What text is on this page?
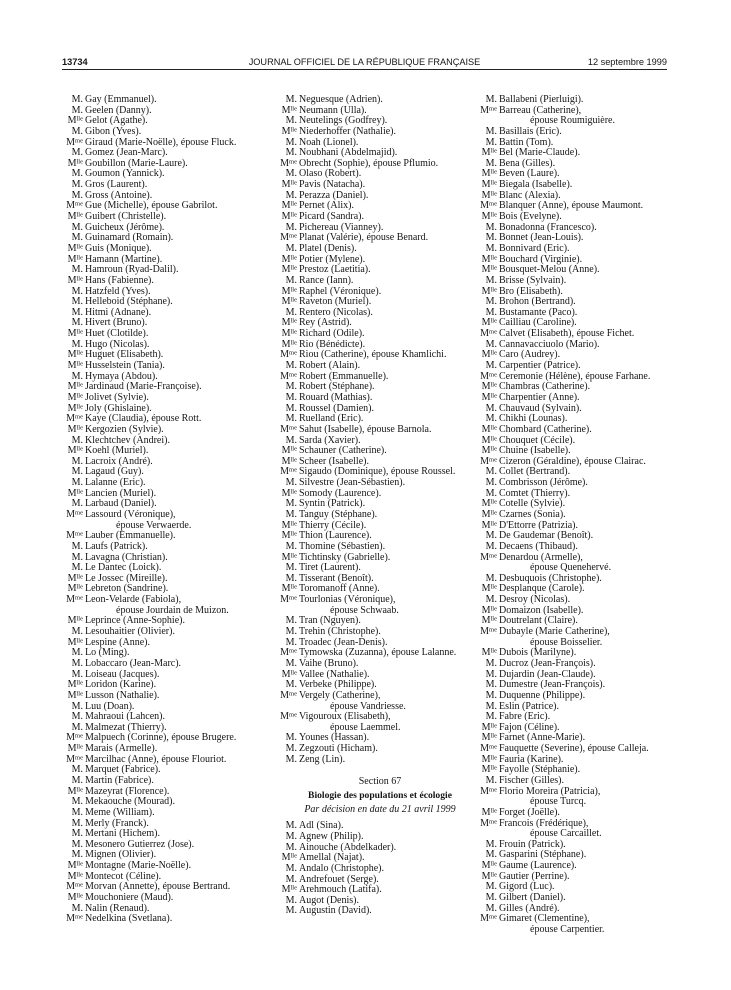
JOURNAL OFFICIEL DE LA RÉPUBLIQUE FRANÇAISE
13734	12 septembre 1999
M. Gay (Emmanuel).
M. Geelen (Danny).
$M^{lle}$ Gelot (Agathe).
M. Gibon (Yves).
$M^{me}$ Giraud (Marie-Noëlle), épouse Fluck.
M. Gomez (Jean-Marc).
$M^{lle}$ Goubillon (Marie-Laure).
M. Goumon (Yannick).
M. Gros (Laurent).
M. Gross (Antoine).
$M^{me}$ Gue (Michelle), épouse Gabrilot.
$M^{lle}$ Guibert (Christelle).
M. Guicheux (Jérôme).
M. Guinamard (Romain).
$M^{lle}$ Guis (Monique).
$M^{lle}$ Hamann (Martine).
M. Hamroun (Ryad-Dalil).
$M^{lle}$ Hans (Fabienne).
M. Hatzfeld (Yves).
M. Helleboid (Stéphane).
M. Hitmi (Adnane).
M. Hivert (Bruno).
$M^{lle}$ Huet (Clotilde).
M. Hugo (Nicolas).
$M^{lle}$ Huguet (Elisabeth).
$M^{lle}$ Husselstein (Tania).
M. Hymaya (Abdou).
$M^{lle}$ Jardinaud (Marie-Françoise).
$M^{lle}$ Jolivet (Sylvie).
$M^{lle}$ Joly (Ghislaine).
$M^{me}$ Kaye (Claudia), épouse Rott.
$M^{lle}$ Kergozien (Sylvie).
M. Klechtchev (Andrei).
$M^{lle}$ Koehl (Muriel).
M. Lacroix (André).
M. Lagaud (Guy).
M. Lalanne (Eric).
$M^{lle}$ Lancien (Muriel).
M. Larbaud (Daniel).
$M^{me}$ Lassourd (Véronique),
épouse Verwaerde.
$M^{me}$ Lauber (Emmanuelle).
M. Laufs (Patrick).
M. Lavagna (Christian).
M. Le Dantec (Loick).
$M^{lle}$ Le Jossec (Mireille).
$M^{lle}$ Lebreton (Sandrine).
$M^{me}$ Leon-Velarde (Fabiola),
épouse Jourdain de Muizon.
$M^{lle}$ Leprince (Anne-Sophie).
M. Lesouhaitier (Olivier).
$M^{lle}$ Lespine (Anne).
M. Lo (Ming).
M. Lobaccaro (Jean-Marc).
M. Loiseau (Jacques).
$M^{lle}$ Loridon (Karine).
$M^{lle}$ Lusson (Nathalie).
M. Luu (Doan).
M. Mahraoui (Lahcen).
M. Malmezat (Thierry).
$M^{me}$ Malpuech (Corinne), épouse Brugere.
$M^{lle}$ Marais (Armelle).
$M^{me}$ Marcilhac (Anne), épouse Flouriot.
M. Marquet (Fabrice).
M. Martin (Fabrice).
$M^{lle}$ Mazeyrat (Florence).
M. Mekaouche (Mourad).
M. Meme (William).
M. Merly (Franck).
M. Mertani (Hichem).
M. Mesonero Gutierrez (Jose).
M. Mignen (Olivier).
$M^{lle}$ Montagne (Marie-Noëlle).
$M^{lle}$ Montecot (Céline).
$M^{me}$ Morvan (Annette), épouse Bertrand.
$M^{lle}$ Mouchoniere (Maud).
M. Nalin (Renaud).
$M^{me}$ Nedelkina (Svetlana).
M. Neguesque (Adrien).
$M^{lle}$ Neumann (Ulla).
M. Neutelings (Godfrey).
$M^{lle}$ Niederhoffer (Nathalie).
M. Noah (Lionel).
M. Noubhani (Abdelmajid).
$M^{me}$ Obrecht (Sophie), épouse Pflumio.
M. Olaso (Robert).
$M^{lle}$ Pavis (Natacha).
M. Perazza (Daniel).
$M^{lle}$ Pernet (Alix).
$M^{lle}$ Picard (Sandra).
M. Pichereau (Vianney).
$M^{me}$ Planat (Valérie), épouse Benard.
M. Platel (Denis).
$M^{lle}$ Potier (Mylene).
$M^{lle}$ Prestoz (Laetitia).
M. Rance (Iann).
$M^{lle}$ Raphel (Véronique).
$M^{lle}$ Raveton (Muriel).
M. Rentero (Nicolas).
$M^{lle}$ Rey (Astrid).
$M^{lle}$ Richard (Odile).
$M^{lle}$ Rio (Bénédicte).
$M^{me}$ Riou (Catherine), épouse Khamlichi.
M. Robert (Alain).
$M^{me}$ Robert (Emmanuelle).
M. Robert (Stéphane).
M. Rouard (Mathias).
M. Roussel (Damien).
M. Ruelland (Eric).
$M^{me}$ Sahut (Isabelle), épouse Barnola.
M. Sarda (Xavier).
$M^{lle}$ Schauner (Catherine).
$M^{lle}$ Scheer (Isabelle).
$M^{me}$ Sigaudo (Dominique), épouse Roussel.
M. Silvestre (Jean-Sébastien).
$M^{lle}$ Somody (Laurence).
M. Syntin (Patrick).
M. Tanguy (Stéphane).
$M^{lle}$ Thierry (Cécile).
$M^{lle}$ Thion (Laurence).
M. Thomine (Sébastien).
$M^{lle}$ Tichtinsky (Gabrielle).
M. Tiret (Laurent).
M. Tisserant (Benoît).
$M^{lle}$ Toromanoff (Anne).
$M^{me}$ Tourlonias (Véronique),
épouse Schwaab.
M. Tran (Nguyen).
M. Trehin (Christophe).
M. Troadec (Jean-Denis).
$M^{me}$ Tymowska (Zuzanna), épouse Lalanne.
M. Vaihe (Bruno).
$M^{lle}$ Vallee (Nathalie).
M. Verbeke (Philippe).
$M^{me}$ Vergely (Catherine),
épouse Vandriesse.
$M^{me}$ Vigouroux (Elisabeth),
épouse Laemmel.
M. Younes (Hassan).
M. Zegzouti (Hicham).
M. Zeng (Lin).
Section 67
Biologie des populations et écologie
Par décision en date du 21 avril 1999
M. Adl (Sina).
M. Agnew (Philip).
M. Ainouche (Abdelkader).
$M^{lle}$ Amellal (Najat).
M. Andalo (Christophe).
M. Andrefouet (Serge).
$M^{lle}$ Arehmouch (Latifa).
M. Augot (Denis).
M. Augustin (David).
M. Ballabeni (Pierluigi).
$M^{me}$ Barreau (Catherine),
épouse Roumiguière.
M. Basillais (Eric).
M. Battin (Tom).
$M^{lle}$ Bel (Marie-Claude).
M. Bena (Gilles).
$M^{lle}$ Beven (Laure).
$M^{lle}$ Biegala (Isabelle).
$M^{lle}$ Blanc (Alexia).
$M^{me}$ Blanquer (Anne), épouse Maumont.
$M^{lle}$ Bois (Evelyne).
M. Bonadonna (Francesco).
M. Bonnet (Jean-Louis).
M. Bonnivard (Eric).
$M^{lle}$ Bouchard (Virginie).
$M^{lle}$ Bousquet-Melou (Anne).
M. Brisse (Sylvain).
$M^{lle}$ Bro (Elisabeth).
M. Brohon (Bertrand).
M. Bustamante (Paco).
$M^{lle}$ Cailliau (Caroline).
$M^{me}$ Calvet (Elisabeth), épouse Fichet.
M. Cannavacciuolo (Mario).
$M^{lle}$ Caro (Audrey).
M. Carpentier (Patrice).
$M^{me}$ Ceremonie (Hélène), épouse Farhane.
$M^{lle}$ Chambras (Catherine).
$M^{lle}$ Charpentier (Anne).
M. Chauvaud (Sylvain).
M. Chikhi (Lounas).
$M^{lle}$ Chombard (Catherine).
$M^{lle}$ Chouquet (Cécile).
$M^{lle}$ Chuine (Isabelle).
$M^{me}$ Cizeron (Géraldine), épouse Clairac.
M. Collet (Bertrand).
M. Combrisson (Jérôme).
M. Comtet (Thierry).
$M^{lle}$ Cotelle (Sylvie).
$M^{lle}$ Czarnes (Sonia).
$M^{lle}$ D'Ettorre (Patrizia).
M. De Gaudemar (Benoît).
M. Decaens (Thibaud).
$M^{me}$ Denardou (Armelle),
épouse Quenehervé.
M. Desbuquois (Christophe).
$M^{lle}$ Desplanque (Carole).
M. Desroy (Nicolas).
$M^{lle}$ Domaizon (Isabelle).
$M^{lle}$ Doutrelant (Claire).
$M^{me}$ Dubayle (Marie Catherine),
épouse Boisselier.
$M^{lle}$ Dubois (Marilyne).
M. Ducroz (Jean-François).
M. Dujardin (Jean-Claude).
M. Dumestre (Jean-François).
M. Duquenne (Philippe).
M. Eslin (Patrice).
M. Fabre (Eric).
$M^{lle}$ Fajon (Céline).
$M^{lle}$ Farnet (Anne-Marie).
$M^{me}$ Fauquette (Severine), épouse Calleja.
$M^{lle}$ Fauria (Karine).
$M^{lle}$ Fayolle (Stéphanie).
M. Fischer (Gilles).
$M^{me}$ Florio Moreira (Patricia),
épouse Turcq.
$M^{lle}$ Forget (Joëlle).
$M^{me}$ Francois (Frédérique),
épouse Carcaillet.
M. Frouin (Patrick).
M. Gasparini (Stéphane).
$M^{lle}$ Gaume (Laurence).
$M^{lle}$ Gautier (Perrine).
M. Gigord (Luc).
M. Gilbert (Daniel).
M. Gilles (André).
$M^{me}$ Gimaret (Clementine),
épouse Carpentier.
